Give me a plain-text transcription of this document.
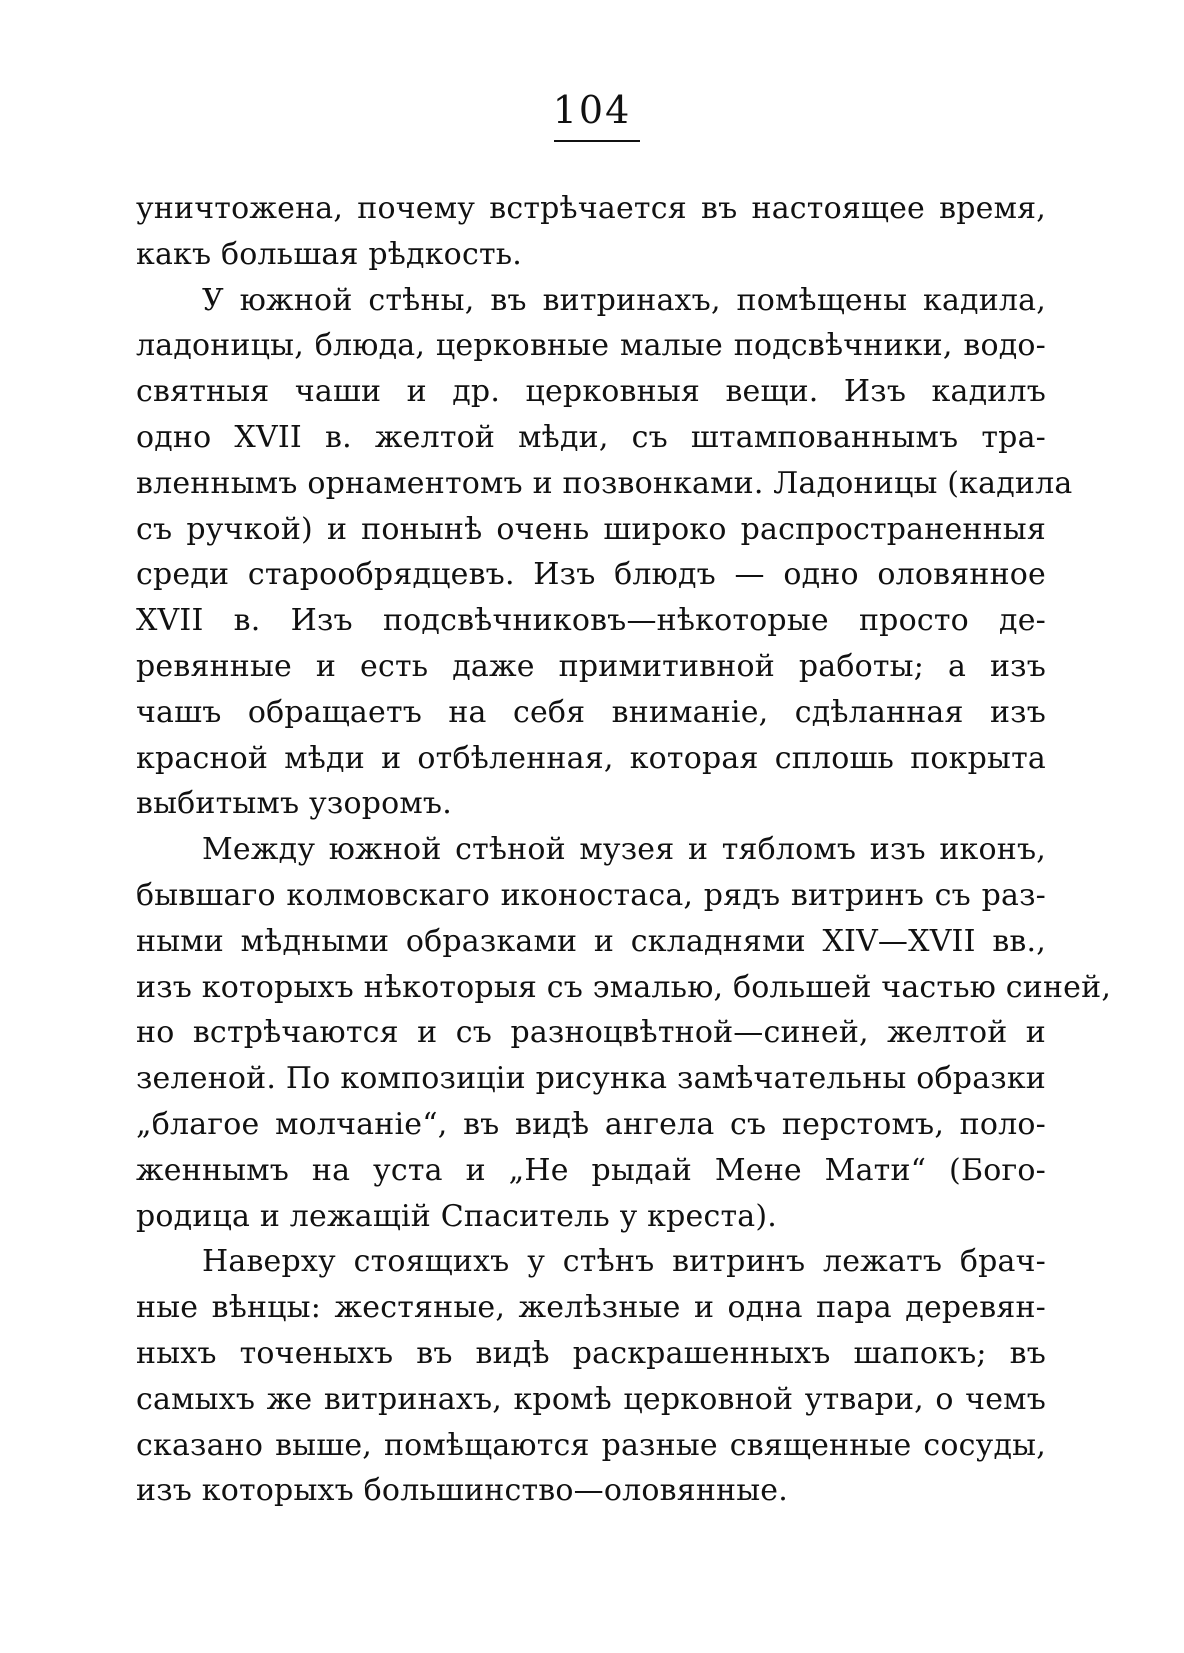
104
уничтожена, почему встрѣчается въ настоящее время,
какъ большая рѣдкость.
У южной стѣны, въ витринахъ, помѣщены кадила,
ладоницы, блюда, церковные малые подсвѣчники, водо-
святныя чаши и др. церковныя вещи. Изъ кадилъ
одно XVII в. желтой мѣди, съ штампованнымъ тра-
вленнымъ орнаментомъ и позвонками. Ладоницы (кадила
съ ручкой) и понынѣ очень широко распространенныя
среди старообрядцевъ. Изъ блюдъ — одно оловянное
XVII в. Изъ подсвѣчниковъ—нѣкоторые просто де-
ревянные и есть даже примитивной работы; а изъ
чашъ обращаетъ на себя вниманіе, сдѣланная изъ
красной мѣди и отбѣленная, которая сплошь покрыта
выбитымъ узоромъ.
Между южной стѣной музея и тябломъ изъ иконъ,
бывшаго колмовскаго иконостаса, рядъ витринъ съ раз-
ными мѣдными образками и складнями XIV—XVII вв.,
изъ которыхъ нѣкоторыя съ эмалью, большей частью синей,
но встрѣчаются и съ разноцвѣтной—синей, желтой и
зеленой. По композиціи рисунка замѣчательны образки
„благое молчаніе“, въ видѣ ангела съ перстомъ, поло-
женнымъ на уста и „Не рыдай Мене Мати“ (Бого-
родица и лежащій Спаситель у креста).
Наверху стоящихъ у стѣнъ витринъ лежатъ брач-
ные вѣнцы: жестяные, желѣзные и одна пара деревян-
ныхъ точеныхъ въ видѣ раскрашенныхъ шапокъ; въ
самыхъ же витринахъ, кромѣ церковной утвари, о чемъ
сказано выше, помѣщаются разные священные сосуды,
изъ которыхъ большинство—оловянные.
